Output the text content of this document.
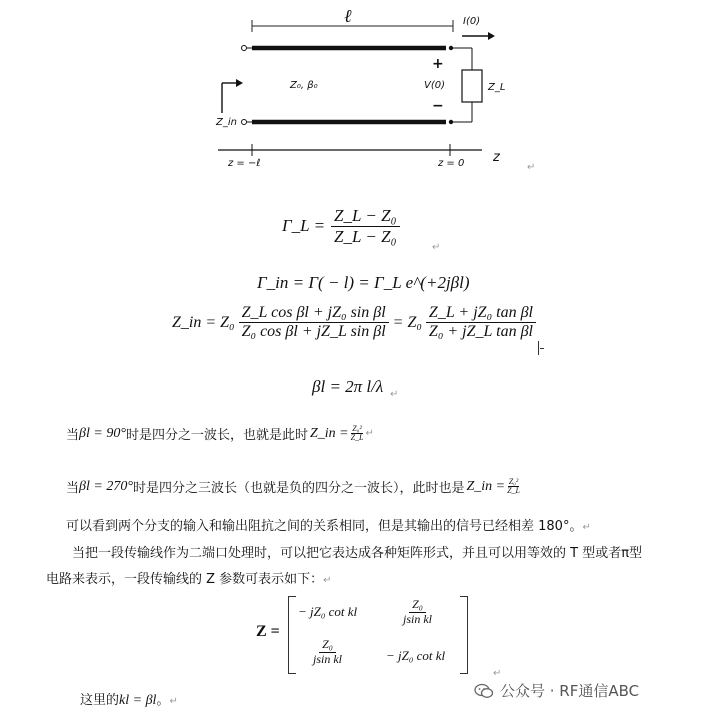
ℓ	I(0)
Z₀, β₀
+
V(0)
−
Z_L
Z_in
z = −ℓ	z = 0 z
↵
Γ_L = $\frac{\text{Z\_L − Z₀}}{\text{Z\_L − Z₀}}$
↵
Γ_in = Γ( − l) = Γ_L e^(+2jβl)
Z_in = $Z_0 \frac{\text{Z\_L cos βl + jZ₀ sin βl}}{\text{Z₀ cos βl + jZ\_L sin βl}} = Z_0 \frac{\text{Z\_L + jZ₀ tan βl}}{\text{Z₀ + jZ\_L tan βl}}$
βl = 2π l/λ ↵
当 βl = 90° 时是四分之一波长，也就是此时 Z_in = $\frac{\text{Z₀²}}{Z\_L}$ ↵
当 βl = 270° 时是四分之三波长（也就是负的四分之一波长），此时也是 Z_in = $\frac{\text{Z₀²}}{Z\_L}$
可以看到两个分支的输入和输出阻抗之间的关系相同，但是其输出的信号已经相差 180°。↵
当把一段传输线作为二端口处理时，可以把它表达成各种矩阵形式，并且可以用等效的 T 型或者π型
电路来表示，一段传输线的 Z 参数可表示如下：↵
Z =
− jZ₀ cot kl	$\frac{\text{Z₀}}{\text{jsin kl}}$
$\frac{\text{Z₀}}{\text{jsin kl}}$	− jZ₀ cot kl
↵
这里的kl = βl。↵
公众号 · RF通信ABC
